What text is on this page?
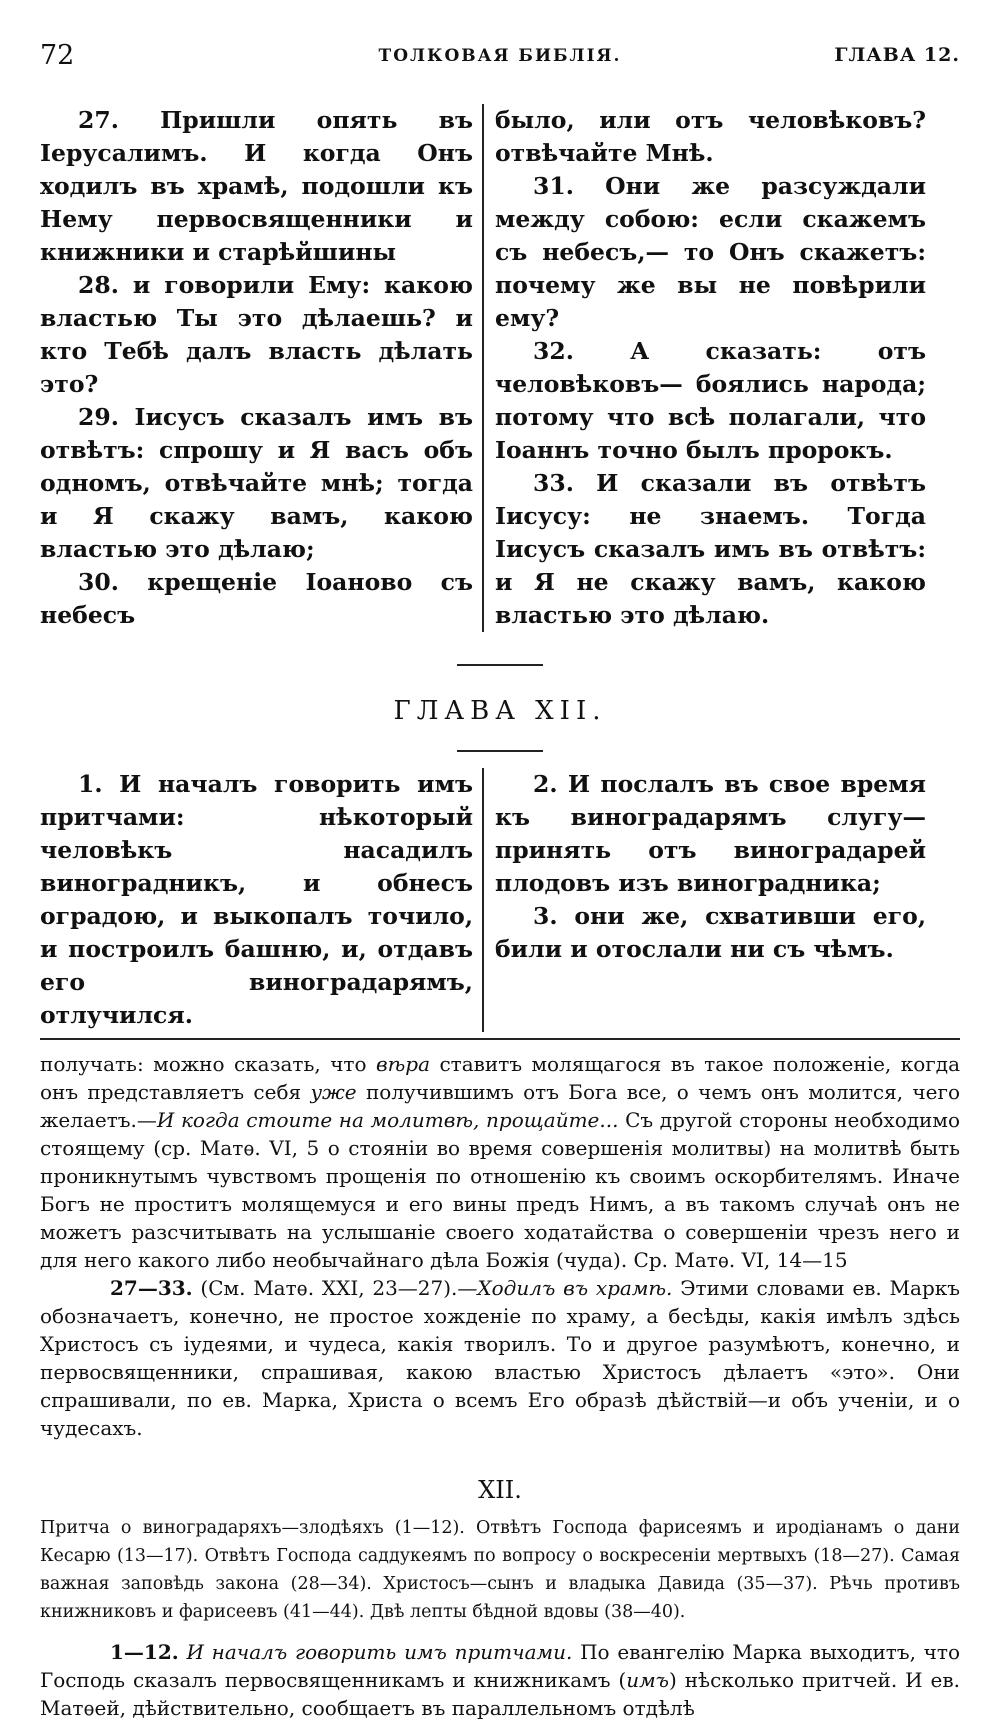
72	ТОЛКОВАЯ БИБЛІЯ.	ГЛАВА 12.

27. Пришли опять въ Іерусалимъ. И когда Онъ ходилъ въ храмѣ, подошли къ Нему первосвященники и книжники и старѣйшины

28. и говорили Ему: какою властью Ты это дѣлаешь? и кто Тебѣ далъ власть дѣлать это?

29. Іисусъ сказалъ имъ въ отвѣтъ: спрошу и Я васъ объ одномъ, отвѣчайте мнѣ; тогда и Я скажу вамъ, какою властью это дѣлаю;

30. крещеніе Іоаново съ небесъ

было, или отъ человѣковъ? отвѣчайте Мнѣ.

31. Они же разсуждали между собою: если скажемъ съ небесъ,— то Онъ скажетъ: почему же вы не повѣрили ему?

32. А сказать: отъ человѣковъ— боялись народа; потому что всѣ полагали, что Іоаннъ точно былъ пророкъ.

33. И сказали въ отвѣтъ Іисусу: не знаемъ. Тогда Іисусъ сказалъ имъ въ отвѣтъ: и Я не скажу вамъ, какою властью это дѣлаю.

ГЛАВА XII.

1. И началъ говорить имъ притчами: нѣкоторый человѣкъ насадилъ виноградникъ, и обнесъ оградою, и выкопалъ точило, и построилъ башню, и, отдавъ его виноградарямъ, отлучился.

2. И послалъ въ свое время къ виноградарямъ слугу—принять отъ виноградарей плодовъ изъ виноградника;

3. они же, схвативши его, били и отослали ни съ чѣмъ.

получать: можно сказать, что вѣра ставитъ молящагося въ такое положеніе, когда онъ представляетъ себя уже получившимъ отъ Бога все, о чемъ онъ молится, чего желаетъ.—И когда стоите на молитвѣ, прощайте... Съ другой стороны необходимо стоящему (ср. Матѳ. VI, 5 о стояніи во время совершенія молитвы) на молитвѣ быть проникнутымъ чувствомъ прощенія по отношенію къ своимъ оскорбителямъ. Иначе Богъ не проститъ молящемуся и его вины предъ Нимъ, а въ такомъ случаѣ онъ не можетъ разсчитывать на услышаніе своего ходатайства о совершеніи чрезъ него и для него какого либо необычайнаго дѣла Божія (чуда). Ср. Матѳ. VI, 14—15

27—33. (См. Матѳ. XXI, 23—27).—Ходилъ въ храмѣ. Этими словами ев. Маркъ обозначаетъ, конечно, не простое хожденіе по храму, а бесѣды, какія имѣлъ здѣсь Христосъ съ іудеями, и чудеса, какія творилъ. То и другое разумѣютъ, конечно, и первосвященники, спрашивая, какою властью Христосъ дѣлаетъ «это». Они спрашивали, по ев. Марка, Христа о всемъ Его образѣ дѣйствій—и объ ученіи, и о чудесахъ.

XII.

Притча о виноградаряхъ—злодѣяхъ (1—12). Отвѣтъ Господа фарисеямъ и иродіанамъ о дани Кесарю (13—17). Отвѣтъ Господа саддукеямъ по вопросу о воскресеніи мертвыхъ (18—27). Самая важная заповѣдь закона (28—34). Христосъ—сынъ и владыка Давида (35—37). Рѣчь противъ книжниковъ и фарисеевъ (41—44). Двѣ лепты бѣдной вдовы (38—40).

1—12. И началъ говорить имъ притчами. По евангелію Марка выходитъ, что Господь сказалъ первосвященникамъ и книжникамъ (имъ) нѣсколько притчей. И ев. Матѳей, дѣйствительно, сообщаетъ въ параллельномъ отдѣлѣ
